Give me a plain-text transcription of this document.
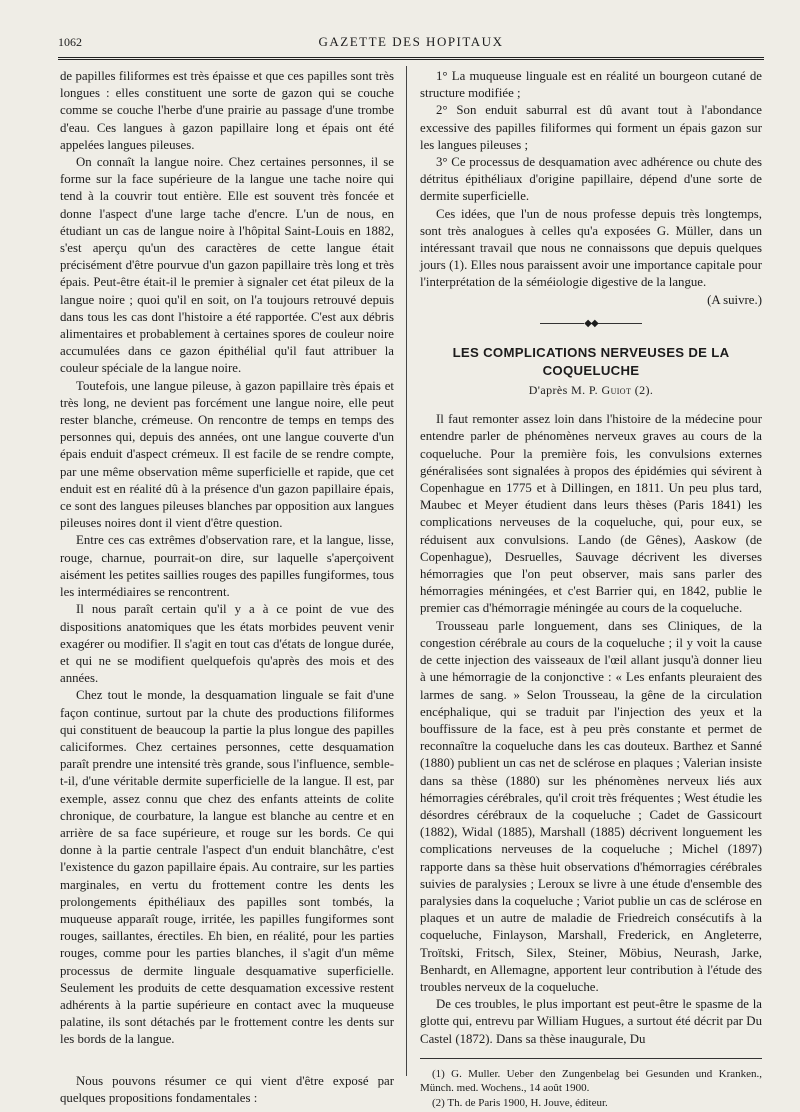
1062	GAZETTE DES HOPITAUX

de papilles filiformes est très épaisse et que ces papilles sont très longues : elles constituent une sorte de gazon qui se couche comme se couche l'herbe d'une prairie au passage d'une trombe d'eau. Ces langues à gazon papillaire long et épais ont été appelées langues pileuses.

On connaît la langue noire. Chez certaines personnes, il se forme sur la face supérieure de la langue une tache noire qui tend à la couvrir tout entière. Elle est souvent très foncée et donne l'aspect d'une large tache d'encre. L'un de nous, en étudiant un cas de langue noire à l'hôpital Saint-Louis en 1882, s'est aperçu qu'un des caractères de cette langue était précisément d'être pourvue d'un gazon papillaire très long et très épais. Peut-être était-il le premier à signaler cet état pileux de la langue noire ; quoi qu'il en soit, on l'a toujours retrouvé depuis dans tous les cas dont l'histoire a été rapportée. C'est aux débris alimentaires et probablement à certaines spores de couleur noire accumulées dans ce gazon épithélial qu'il faut attribuer la couleur spéciale de la langue noire.

Toutefois, une langue pileuse, à gazon papillaire très épais et très long, ne devient pas forcément une langue noire, elle peut rester blanche, crémeuse. On rencontre de temps en temps des personnes qui, depuis des années, ont une langue couverte d'un épais enduit d'aspect crémeux. Il est facile de se rendre compte, par une même observation même superficielle et rapide, que cet enduit est en réalité dû à la présence d'un gazon papillaire épais, ce sont des langues pileuses blanches par opposition aux langues pileuses noires dont il vient d'être question.

Entre ces cas extrêmes d'observation rare, et la langue, lisse, rouge, charnue, pourrait-on dire, sur laquelle s'aperçoivent aisément les petites saillies rouges des papilles fungiformes, tous les intermédiaires se rencontrent.

Il nous paraît certain qu'il y a à ce point de vue des dispositions anatomiques que les états morbides peuvent venir exagérer ou modifier. Il s'agit en tout cas d'états de longue durée, et qui ne se modifient quelquefois qu'après des mois et des années.

Chez tout le monde, la desquamation linguale se fait d'une façon continue, surtout par la chute des productions filiformes qui constituent de beaucoup la partie la plus longue des papilles caliciformes. Chez certaines personnes, cette desquamation paraît prendre une intensité très grande, sous l'influence, semble-t-il, d'une véritable dermite superficielle de la langue. Il est, par exemple, assez connu que chez des enfants atteints de colite chronique, de courbature, la langue est blanche au centre et en arrière de sa face supérieure, et rouge sur les bords. Ce qui donne à la partie centrale l'aspect d'un enduit blanchâtre, c'est l'existence du gazon papillaire épais. Au contraire, sur les parties marginales, en vertu du frottement contre les dents les prolongements épithéliaux des papilles sont tombés, la muqueuse apparaît rouge, irritée, les papilles fungiformes sont rouges, saillantes, érectiles. Eh bien, en réalité, pour les parties rouges, comme pour les parties blanches, il s'agit d'un même processus de dermite linguale desquamative superficielle. Seulement les produits de cette desquamation excessive restent adhérents à la partie supérieure en contact avec la muqueuse palatine, ils sont détachés par le frottement contre les dents sur les bords de la langue.

Nous pouvons résumer ce qui vient d'être exposé par quelques propositions fondamentales :

1° La muqueuse linguale est en réalité un bourgeon cutané de structure modifiée ;

2° Son enduit saburral est dû avant tout à l'abondance excessive des papilles filiformes qui forment un épais gazon sur les langues pileuses ;

3° Ce processus de desquamation avec adhérence ou chute des détritus épithéliaux d'origine papillaire, dépend d'une sorte de dermite superficielle.

Ces idées, que l'un de nous professe depuis très longtemps, sont très analogues à celles qu'a exposées G. Müller, dans un intéressant travail que nous ne connaissons que depuis quelques jours (1). Elles nous paraissent avoir une importance capitale pour l'interprétation de la séméiologie digestive de la langue.

(A suivre.)
◆◆
LES COMPLICATIONS NERVEUSES DE LA COQUELUCHE
D'après M. P. Guiot (2).

Il faut remonter assez loin dans l'histoire de la médecine pour entendre parler de phénomènes nerveux graves au cours de la coqueluche. Pour la première fois, les convulsions externes généralisées sont signalées à propos des épidémies qui sévirent à Copenhague en 1775 et à Dillingen, en 1811. Un peu plus tard, Maubec et Meyer étudient dans leurs thèses (Paris 1841) les complications nerveuses de la coqueluche, qui, pour eux, se réduisent aux convulsions. Lando (de Gênes), Aaskow (de Copenhague), Desruelles, Sauvage décrivent les diverses hémorragies que l'on peut observer, mais sans parler des hémorragies méningées, et c'est Barrier qui, en 1842, publie le premier cas d'hémorragie méningée au cours de la coqueluche.

Trousseau parle longuement, dans ses Cliniques, de la congestion cérébrale au cours de la coqueluche ; il y voit la cause de cette injection des vaisseaux de l'œil allant jusqu'à donner lieu à une hémorragie de la conjonctive : « Les enfants pleuraient des larmes de sang. » Selon Trousseau, la gêne de la circulation encéphalique, qui se traduit par l'injection des yeux et la bouffissure de la face, est à peu près constante et permet de reconnaître la coqueluche dans les cas douteux. Barthez et Sanné (1880) publient un cas net de sclérose en plaques ; Valerian insiste dans sa thèse (1880) sur les phénomènes nerveux liés aux hémorragies cérébrales, qu'il croit très fréquentes ; West étudie les désordres cérébraux de la coqueluche ; Cadet de Gassicourt (1882), Widal (1885), Marshall (1885) décrivent longuement les complications nerveuses de la coqueluche ; Michel (1897) rapporte dans sa thèse huit observations d'hémorragies cérébrales suivies de paralysies ; Leroux se livre à une étude d'ensemble des paralysies dans la coqueluche ; Variot publie un cas de sclérose en plaques et un autre de maladie de Friedreich consécutifs à la coqueluche, Finlayson, Marshall, Frederick, en Angleterre, Troïtski, Fritsch, Silex, Steiner, Möbius, Neurash, Jarke, Benhardt, en Allemagne, apportent leur contribution à l'étude des troubles nerveux de la coqueluche.

De ces troubles, le plus important est peut-être le spasme de la glotte qui, entrevu par William Hugues, a surtout été décrit par Du Castel (1872). Dans sa thèse inaugurale, Du

(1) G. Muller. Ueber den Zungenbelag bei Gesunden und Kranken., Münch. med. Wochens., 14 août 1900.

(2) Th. de Paris 1900, H. Jouve, éditeur.
